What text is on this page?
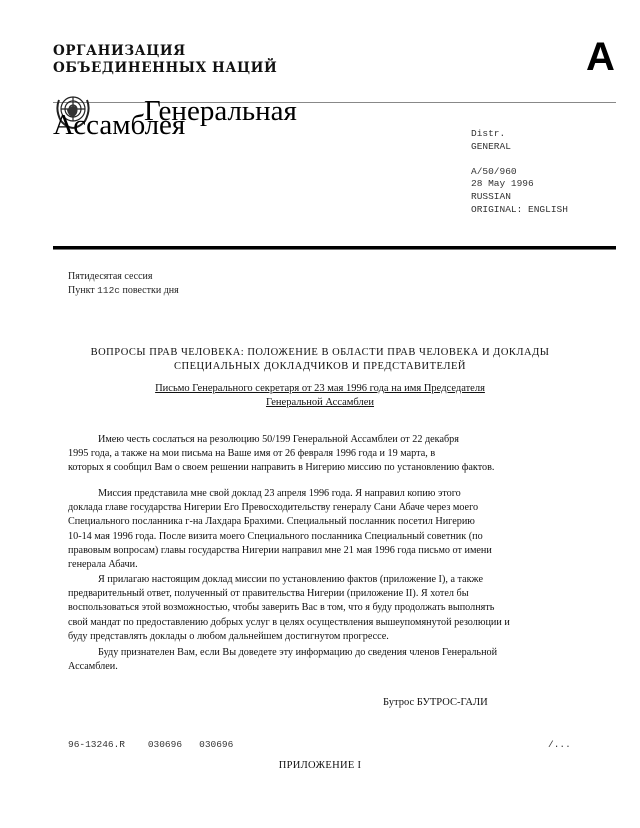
ОРГАНИЗАЦИЯ
ОБЪЕДИНЕННЫХ НАЦИЙ	A
Генеральная
Ассамблея	Distr.
GENERAL
A/50/960
28 May 1996
RUSSIAN
ORIGINAL: ENGLISH
Пятидесятая сессия
Пункт 112c повестки дня
ВОПРОСЫ ПРАВ ЧЕЛОВЕКА: ПОЛОЖЕНИЕ В ОБЛАСТИ ПРАВ ЧЕЛОВЕКА И ДОКЛАДЫ
СПЕЦИАЛЬНЫХ ДОКЛАДЧИКОВ И ПРЕДСТАВИТЕЛЕЙ
Письмо Генерального секретаря от 23 мая 1996 года на имя Председателя
Генеральной Ассамблеи
Имею честь сослаться на резолюцию 50/199 Генеральной Ассамблеи от 22 декабря
1995 года, а также на мои письма на Ваше имя от 26 февраля 1996 года и 19 марта, в
которых я сообщил Вам о своем решении направить в Нигерию миссию по установлению фактов.
Миссия представила мне свой доклад 23 апреля 1996 года. Я направил копию этого
доклада главе государства Нигерии Его Превосходительству генералу Сани Абаче через моего
Специального посланника г-на Лахдара Брахими. Специальный посланник посетил Нигерию
10-14 мая 1996 года. После визита моего Специального посланника Специальный советник (по
правовым вопросам) главы государства Нигерии направил мне 21 мая 1996 года письмо от имени
генерала Абачи.
Я прилагаю настоящим доклад миссии по установлению фактов (приложение I), а также
предварительный ответ, полученный от правительства Нигерии (приложение II). Я хотел бы
воспользоваться этой возможностью, чтобы заверить Вас в том, что я буду продолжать выполнять
свой мандат по предоставлению добрых услуг в целях осуществления вышеупомянутой резолюции и
буду представлять доклады о любом дальнейшем достигнутом прогрессе.
Буду признателен Вам, если Вы доведете эту информацию до сведения членов Генеральной
Ассамблеи.
Бутрос БУТРОС-ГАЛИ
96-13246.R    030696   030696	/...
ПРИЛОЖЕНИЕ I
